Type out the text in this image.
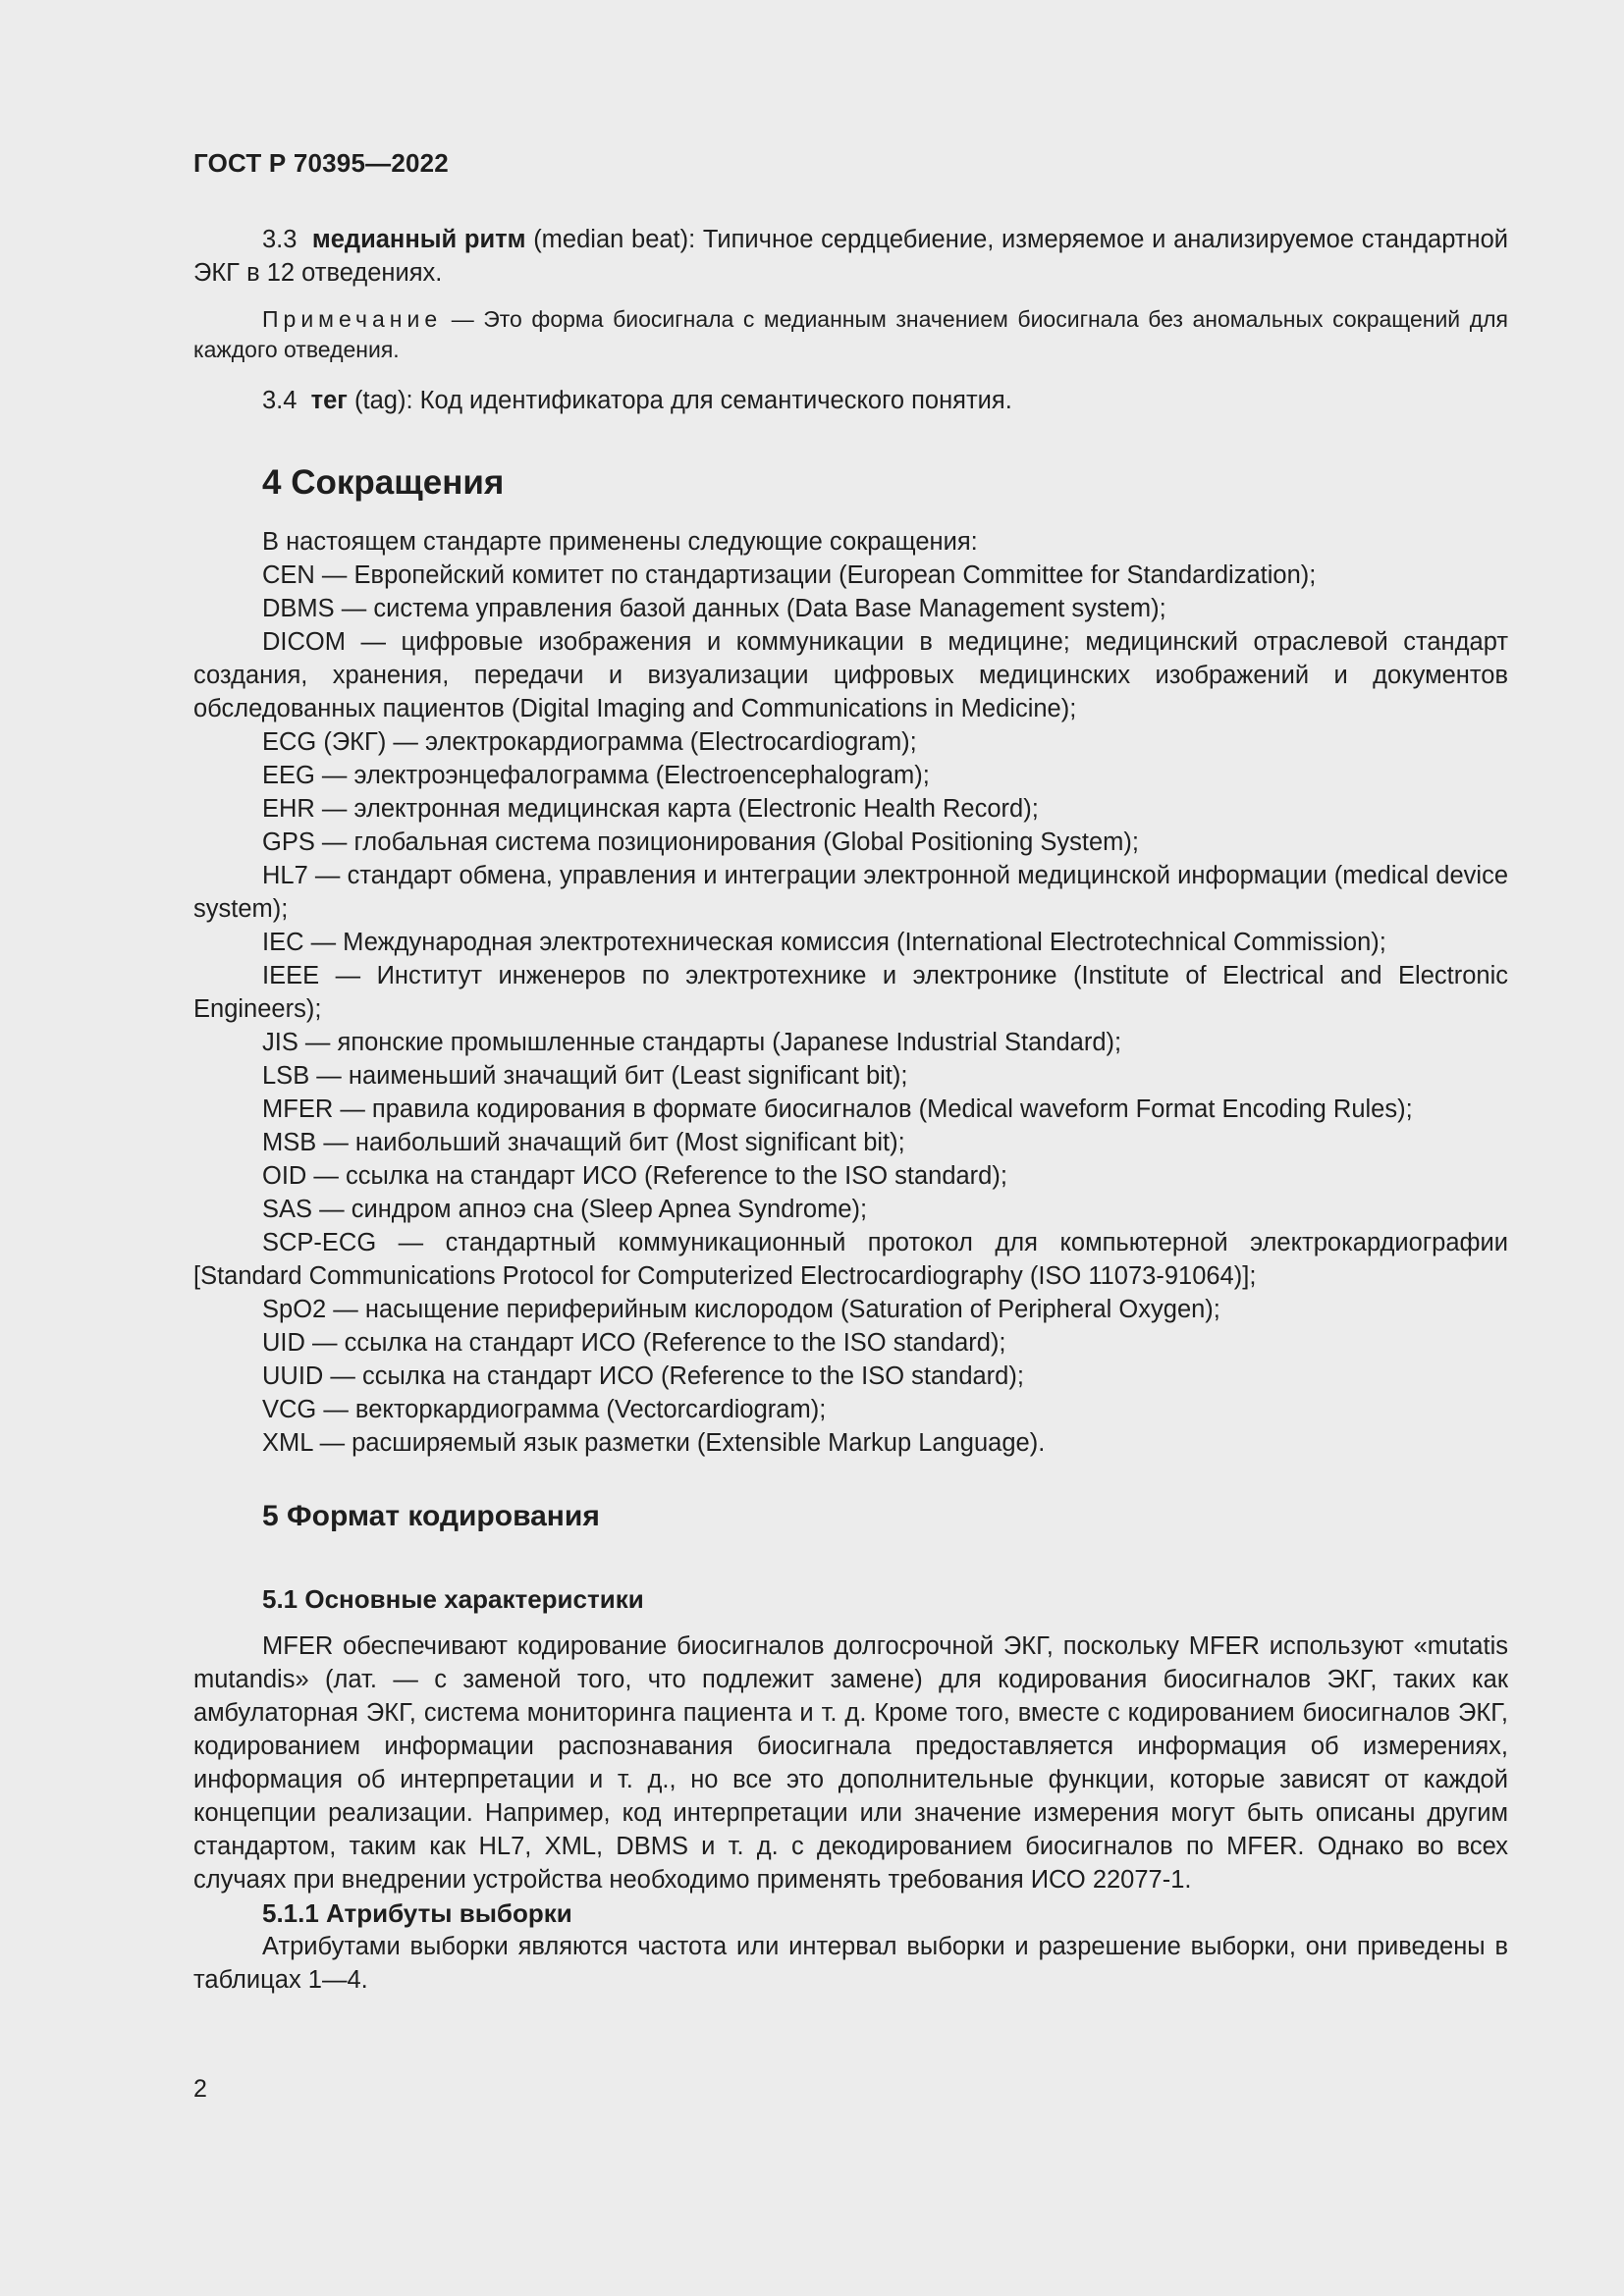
ГОСТ Р 70395—2022

3.3 медианный ритм (median beat): Типичное сердцебиение, измеряемое и анализируемое стандартной ЭКГ в 12 отведениях.

Примечание — Это форма биосигнала с медианным значением биосигнала без аномальных сокращений для каждого отведения.

3.4 тег (tag): Код идентификатора для семантического понятия.

4 Сокращения

В настоящем стандарте применены следующие сокращения:

CEN — Европейский комитет по стандартизации (European Committee for Standardization);

DBMS — система управления базой данных (Data Base Management system);

DICOM — цифровые изображения и коммуникации в медицине; медицинский отраслевой стандарт создания, хранения, передачи и визуализации цифровых медицинских изображений и документов обследованных пациентов (Digital Imaging and Communications in Medicine);

ECG (ЭКГ) — электрокардиограмма (Electrocardiogram);

EEG — электроэнцефалограмма (Electroencephalogram);

EHR — электронная медицинская карта (Electronic Health Record);

GPS — глобальная система позиционирования (Global Positioning System);

HL7 — стандарт обмена, управления и интеграции электронной медицинской информации (medical device system);

IEC — Международная электротехническая комиссия (International Electrotechnical Commission);

IEEE — Институт инженеров по электротехнике и электронике (Institute of Electrical and Electronic Engineers);

JIS — японские промышленные стандарты (Japanese Industrial Standard);

LSB — наименьший значащий бит (Least significant bit);

MFER — правила кодирования в формате биосигналов (Medical waveform Format Encoding Rules);

MSB — наибольший значащий бит (Most significant bit);

OID — ссылка на стандарт ИСО (Reference to the ISO standard);

SAS — синдром апноэ сна (Sleep Apnea Syndrome);

SCP-ECG — стандартный коммуникационный протокол для компьютерной электрокардиографии [Standard Communications Protocol for Computerized Electrocardiography (ISO 11073-91064)];

SpO2 — насыщение периферийным кислородом (Saturation of Peripheral Oxygen);

UID — ссылка на стандарт ИСО (Reference to the ISO standard);

UUID — ссылка на стандарт ИСО (Reference to the ISO standard);

VCG — векторкардиограмма (Vectorcardiogram);

XML — расширяемый язык разметки (Extensible Markup Language).

5 Формат кодирования
5.1 Основные характеристики

MFER обеспечивают кодирование биосигналов долгосрочной ЭКГ, поскольку MFER используют «mutatis mutandis» (лат. — с заменой того, что подлежит замене) для кодирования биосигналов ЭКГ, таких как амбулаторная ЭКГ, система мониторинга пациента и т. д. Кроме того, вместе с кодированием биосигналов ЭКГ, кодированием информации распознавания биосигнала предоставляется информация об измерениях, информация об интерпретации и т. д., но все это дополнительные функции, которые зависят от каждой концепции реализации. Например, код интерпретации или значение измерения могут быть описаны другим стандартом, таким как HL7, XML, DBMS и т. д. с декодированием биосигналов по MFER. Однако во всех случаях при внедрении устройства необходимо применять требования ИСО 22077-1.

5.1.1 Атрибуты выборки

Атрибутами выборки являются частота или интервал выборки и разрешение выборки, они приведены в таблицах 1—4.

2
